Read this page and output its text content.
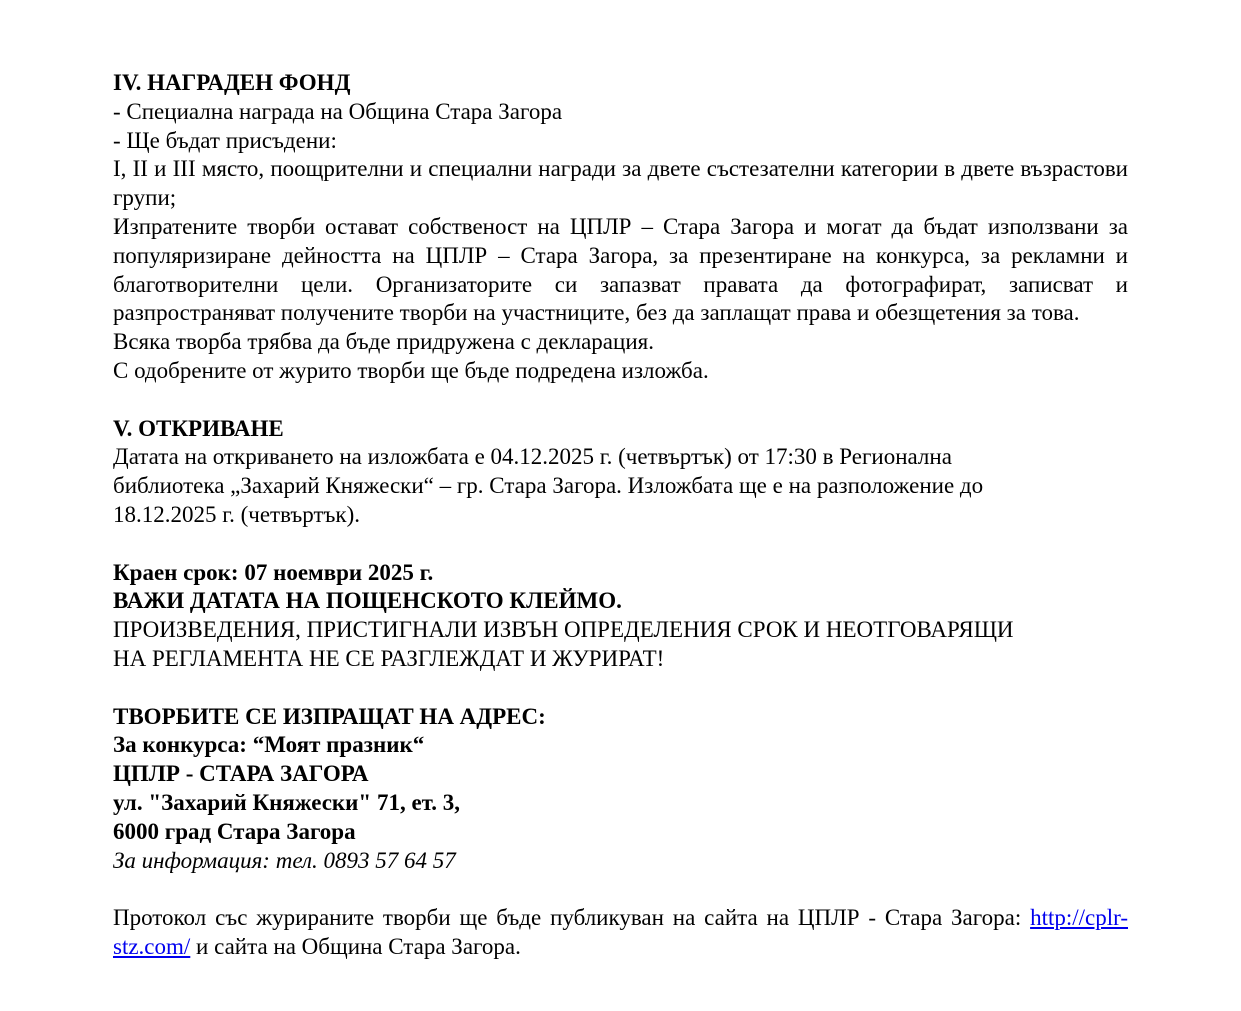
IV. НАГРАДЕН ФОНД
- Специална награда на Община Стара Загора
- Ще бъдат присъдени:

I, II и III място, поощрителни и специални награди за двете състезателни категории в двете възрастови групи;

Изпратените творби остават собственост на ЦПЛР – Стара Загора и могат да бъдат използвани за популяризиране дейността на ЦПЛР – Стара Загора, за презентиране на конкурса, за рекламни и благотворителни цели. Организаторите си запазват правата да фотографират, записват и разпространяват получените творби на участниците, без да заплащат права и обезщетения за това.

Всяка творба трябва да бъде придружена с декларация.
С одобрените от журито творби ще бъде подредена изложба.
V. ОТКРИВАНЕ
Датата на откриването на изложбата е 04.12.2025 г. (четвъртък) от 17:30 в Регионална
библиотека „Захарий Княжески“ – гр. Стара Загора. Изложбата ще е на разположение до
18.12.2025 г. (четвъртък).
Краен срок: 07 ноември 2025 г.
ВАЖИ ДАТАТА НА ПОЩЕНСКОТО КЛЕЙМО.
ПРОИЗВЕДЕНИЯ, ПРИСТИГНАЛИ ИЗВЪН ОПРЕДЕЛЕНИЯ СРОК И НЕОТГОВАРЯЩИ
НА РЕГЛАМЕНТА НЕ СЕ РАЗГЛЕЖДАТ И ЖУРИРАТ!
ТВОРБИТЕ СЕ ИЗПРАЩАТ НА АДРЕС:
За конкурса: “Моят празник“
ЦПЛР - СТАРА ЗАГОРА
ул. "Захарий Княжески" 71, ет. 3,
6000 град Стара Загора
За информация: тел. 0893 57 64 57

Протокол със журираните творби ще бъде публикуван на сайта на ЦПЛР - Стара Загора: http://cplr-stz.com/ и сайта на Община Стара Загора.
